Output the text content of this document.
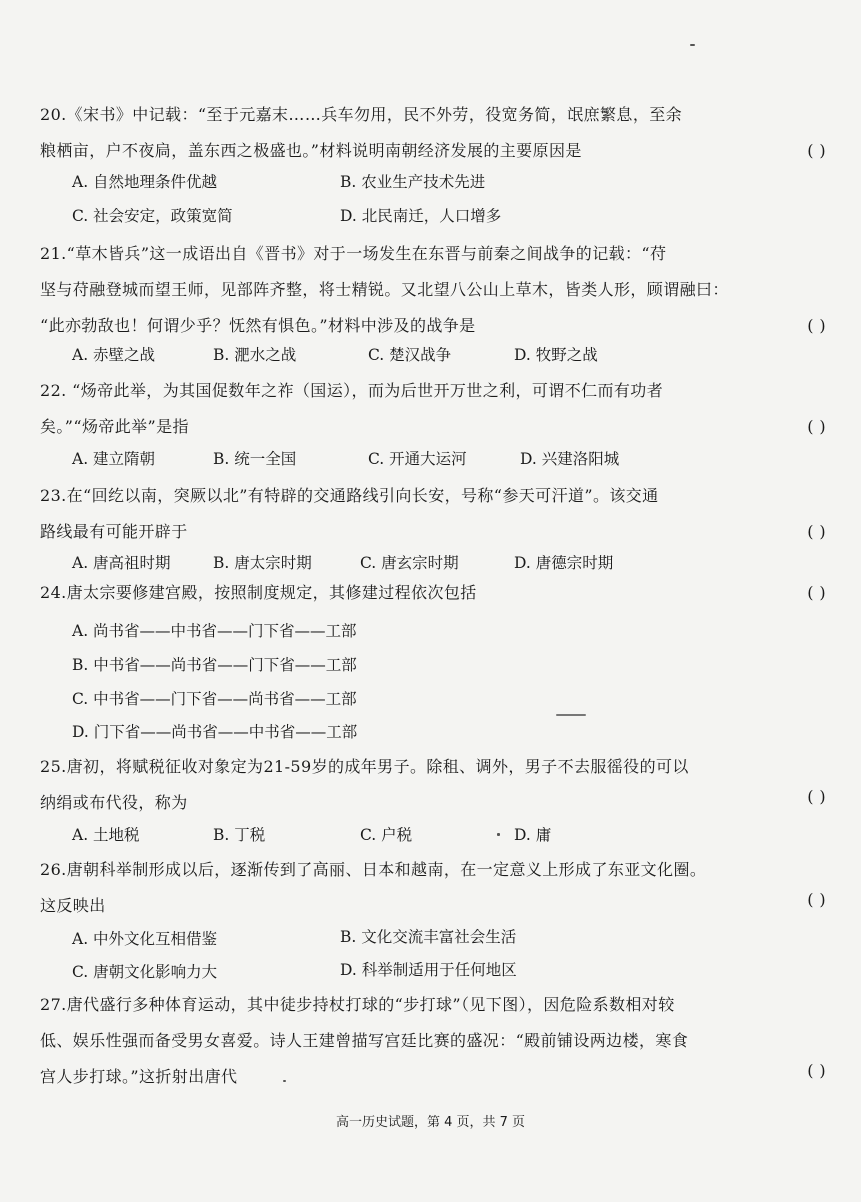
20.《宋书》中记载：“至于元嘉末……兵车勿用，民不外劳，役宽务简，氓庶繁息，至余
粮栖亩，户不夜扃，盖东西之极盛也。”材料说明南朝经济发展的主要原因是	( )
A. 自然地理条件优越	B. 农业生产技术先进
C. 社会安定，政策宽简	D. 北民南迁，人口增多
21.“草木皆兵”这一成语出自《晋书》对于一场发生在东晋与前秦之间战争的记载：“苻
坚与苻融登城而望王师，见部阵齐整，将士精锐。又北望八公山上草木，皆类人形，顾谓融曰：
“此亦勃敌也！何谓少乎？怃然有惧色。”材料中涉及的战争是	( )
A. 赤壁之战	B. 淝水之战	C. 楚汉战争	D. 牧野之战
22. “炀帝此举，为其国促数年之祚（国运），而为后世开万世之利，可谓不仁而有功者
矣。”“炀帝此举”是指	( )
A. 建立隋朝	B. 统一全国	C. 开通大运河	D. 兴建洛阳城
23.在“回纥以南，突厥以北”有特辟的交通路线引向长安，号称“参天可汗道”。该交通
路线最有可能开辟于	( )
A. 唐高祖时期	B. 唐太宗时期	C. 唐玄宗时期	D. 唐德宗时期
24.唐太宗要修建宫殿，按照制度规定，其修建过程依次包括	( )
A. 尚书省——中书省——门下省——工部
B. 中书省——尚书省——门下省——工部
C. 中书省——门下省——尚书省——工部
D. 门下省——尚书省——中书省——工部
25.唐初，将赋税征收对象定为21-59岁的成年男子。除租、调外，男子不去服徭役的可以
纳绢或布代役，称为	( )
A. 土地税	B. 丁税	C. 户税	D. 庸
26.唐朝科举制形成以后，逐渐传到了高丽、日本和越南，在一定意义上形成了东亚文化圈。
这反映出	( )
A. 中外文化互相借鉴	B. 文化交流丰富社会生活
C. 唐朝文化影响力大	D. 科举制适用于任何地区
27.唐代盛行多种体育运动，其中徒步持杖打球的“步打球”（见下图），因危险系数相对较
低、娱乐性强而备受男女喜爱。诗人王建曾描写宫廷比赛的盛况：“殿前铺设两边楼，寒食
宫人步打球。”这折射出唐代	( )
高一历史试题，第 4 页，共 7 页
